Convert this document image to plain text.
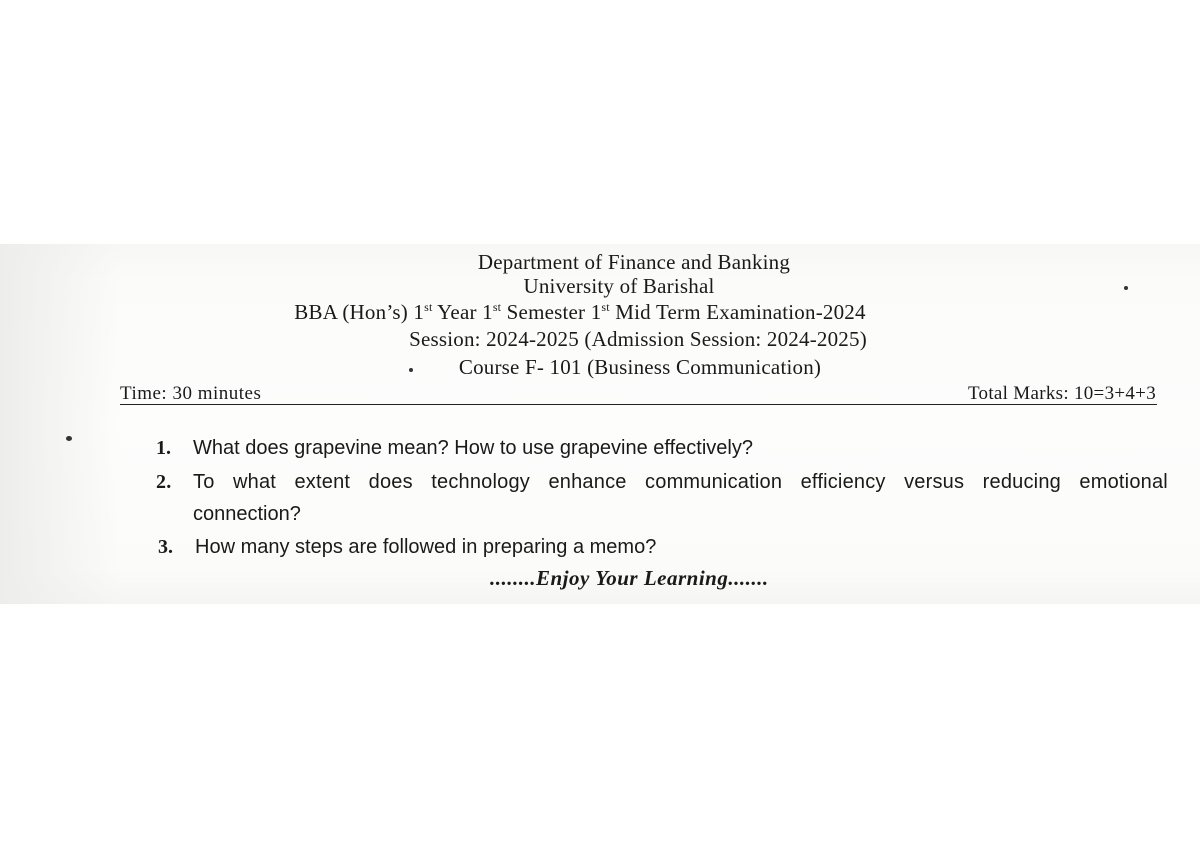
Department of Finance and Banking
University of Barishal
BBA (Hon’s) 1st Year 1st Semester 1st Mid Term Examination-2024
Session: 2024-2025 (Admission Session: 2024-2025)
Course F- 101 (Business Communication)
Time: 30 minutes	Total Marks: 10=3+4+3
1. What does grapevine mean? How to use grapevine effectively?
2. To what extent does technology enhance communication efficiency versus reducing emotional
connection?
3. How many steps are followed in preparing a memo?
........Enjoy Your Learning.......
